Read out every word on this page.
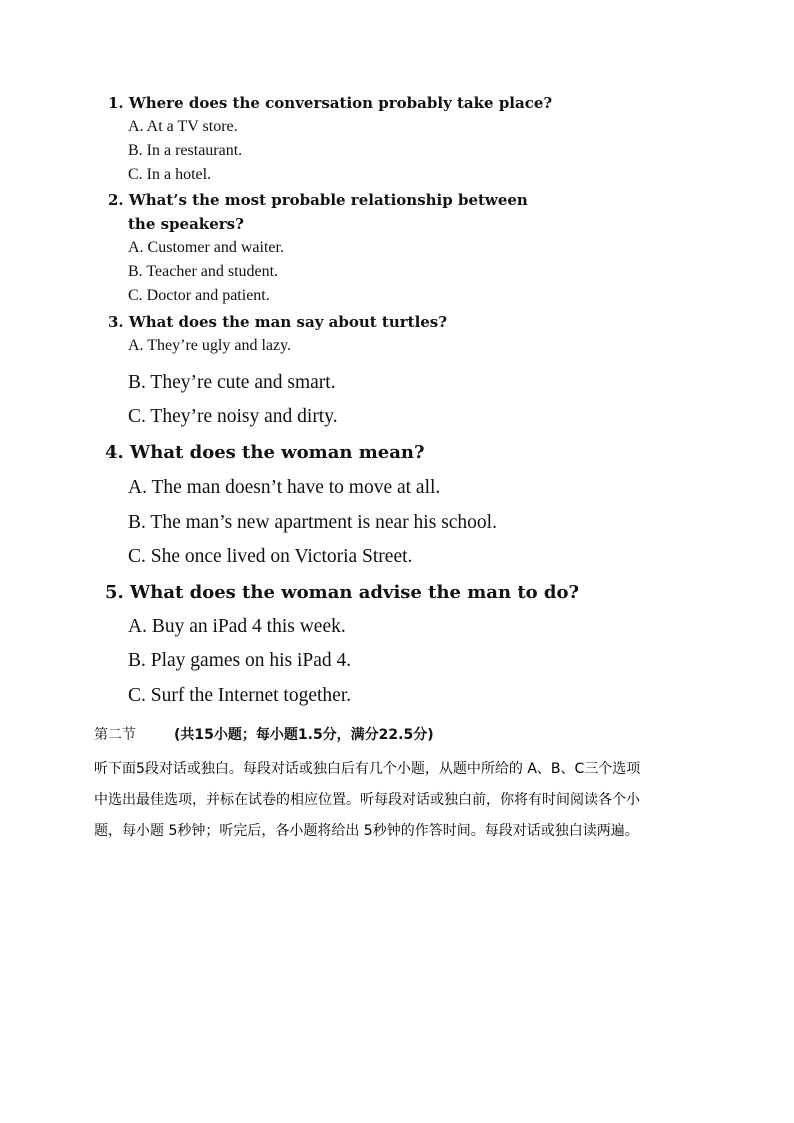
1. Where does the conversation probably take place?
A. At a TV store.
B. In a restaurant.
C. In a hotel.
2. What’s the most probable relationship between
the speakers?
A. Customer and waiter.
B. Teacher and student.
C. Doctor and patient.
3. What does the man say about turtles?
A. They’re ugly and lazy.
B. They’re cute and smart.
C. They’re noisy and dirty.
4. What does the woman mean?
A. The man doesn’t have to move at all.
B. The man’s new apartment is near his school.
C. She once lived on Victoria Street.
5. What does the woman advise the man to do?
A. Buy an iPad 4 this week.
B. Play games on his iPad 4.
C. Surf the Internet together.
第二节	(共15小题；每小题1.5分，满分22.5分)
听下面5段对话或独白。每段对话或独白后有几个小题，从题中所给的 A、B、C三个选项
中选出最佳选项，并标在试卷的相应位置。听每段对话或独白前，你将有时间阅读各个小
题，每小题 5秒钟；听完后，各小题将给出 5秒钟的作答时间。每段对话或独白读两遍。
